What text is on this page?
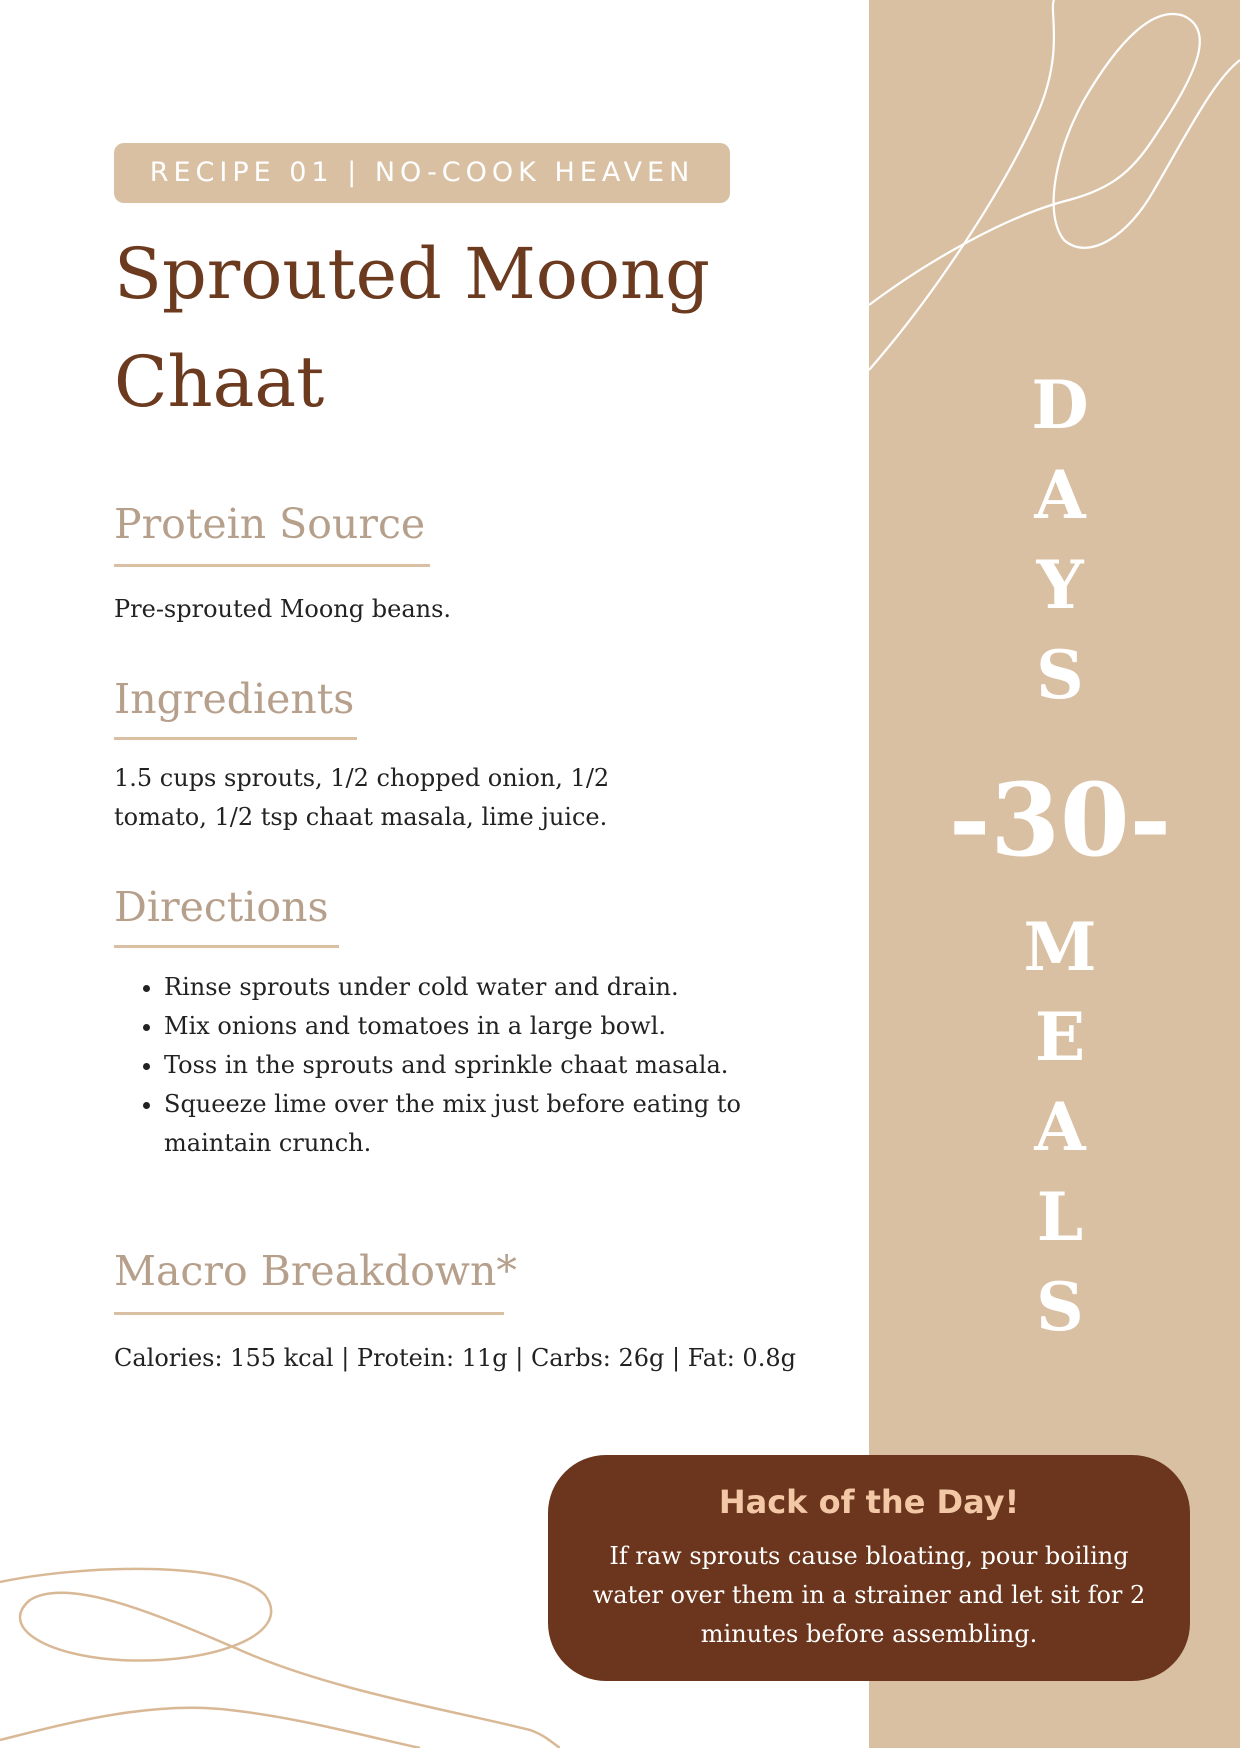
D
A
Y
S
-30-
M
E
A
L
S
RECIPE 01 | NO-COOK HEAVEN
Sprouted Moong Chaat
Protein Source

Pre-sprouted Moong beans.

Ingredients

1.5 cups sprouts, 1/2 chopped onion, 1/2 tomato, 1/2 tsp chaat masala, lime juice.

Directions
• Rinse sprouts under cold water and drain.
• Mix onions and tomatoes in a large bowl.
• Toss in the sprouts and sprinkle chaat masala.
• Squeeze lime over the mix just before eating to maintain crunch.
Macro Breakdown*
Calories: 155 kcal | Protein: 11g | Carbs: 26g | Fat: 0.8g

Hack of the Day!

If raw sprouts cause bloating, pour boiling water over them in a strainer and let sit for 2 minutes before assembling.
